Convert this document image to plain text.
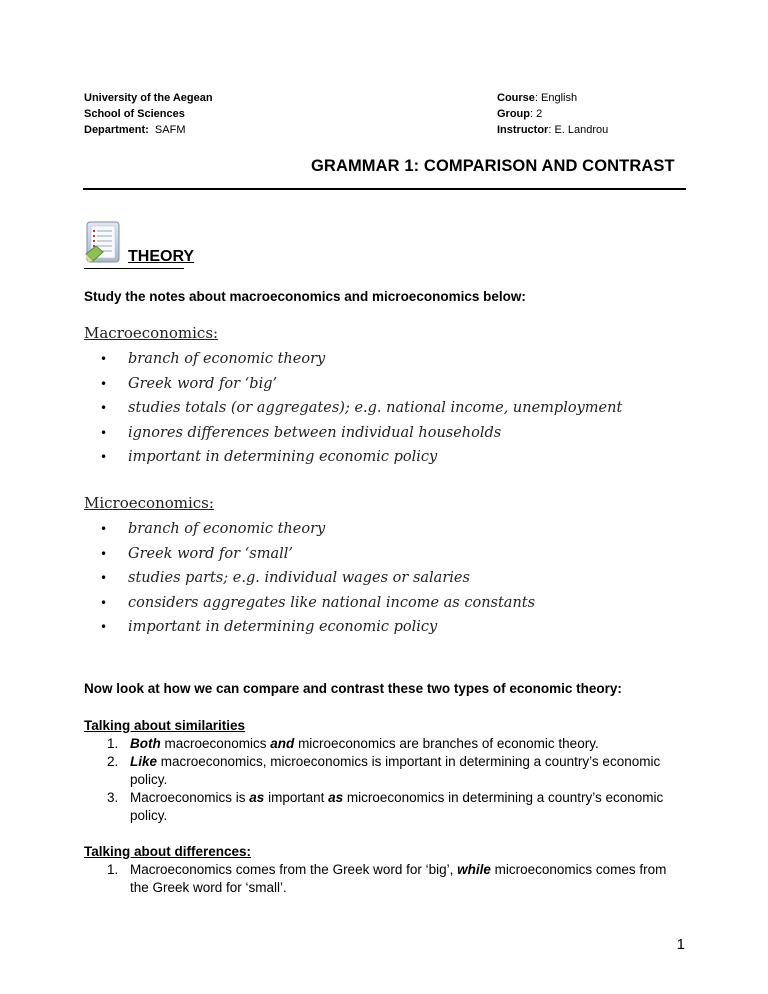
University of the Aegean
School of Sciences
Department: SAFM
Course: English
Group: 2
Instructor: E. Landrou
GRAMMAR 1: COMPARISON AND CONTRAST
THEORY
Study the notes about macroeconomics and microeconomics below:
Macroeconomics:
• branch of economic theory
• Greek word for ‘big’
• studies totals (or aggregates); e.g. national income, unemployment
• ignores differences between individual households
• important in determining economic policy
Microeconomics:
• branch of economic theory
• Greek word for ‘small’
• studies parts; e.g. individual wages or salaries
• considers aggregates like national income as constants
• important in determining economic policy
Now look at how we can compare and contrast these two types of economic theory:
Talking about similarities
1. Both macroeconomics and microeconomics are branches of economic theory.
2. Like macroeconomics, microeconomics is important in determining a country’s economic policy.
3. Macroeconomics is as important as microeconomics in determining a country’s economic policy.
Talking about differences:
1. Macroeconomics comes from the Greek word for ‘big’, while microeconomics comes from the Greek word for ‘small’.
1
